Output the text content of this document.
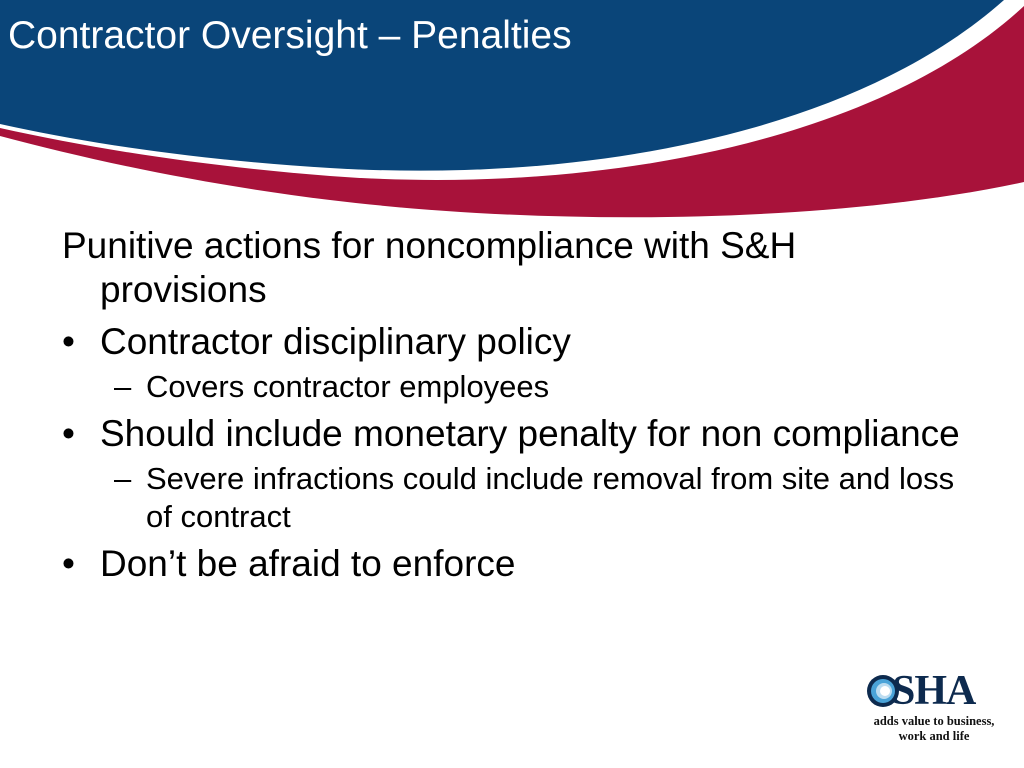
Contractor Oversight – Penalties

Punitive actions for noncompliance with S&H provisions

• Contractor disciplinary policy

– Covers contractor employees

• Should include monetary penalty for non compliance

– Severe infractions could include removal from site and loss of contract

• Don’t be afraid to enforce

SHA
adds value to business,
work and life
